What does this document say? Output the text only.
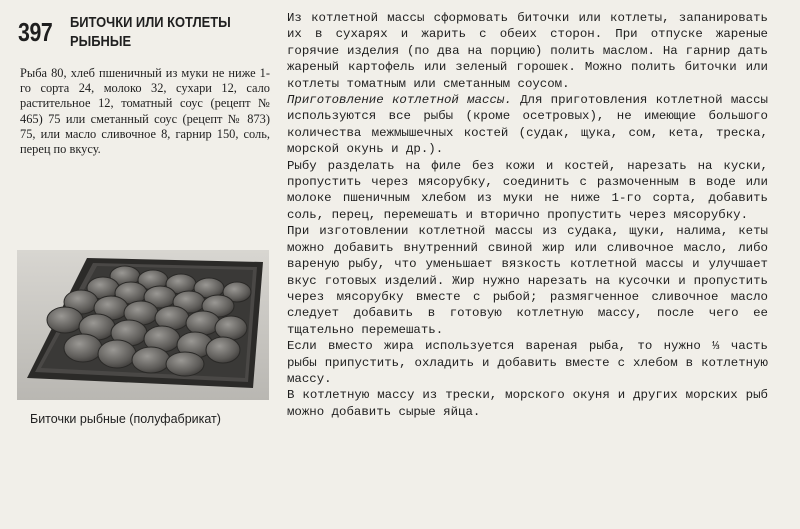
397 БИТОЧКИ ИЛИ КОТЛЕТЫ РЫБНЫЕ

Рыба 80, хлеб пшеничный из муки не ниже 1-го сорта 24, молоко 32, сухари 12, сало растительное 12, томатный соус (рецепт № 465) 75 или сметанный соус (рецепт № 873) 75, или масло сливочное 8, гарнир 150, соль, перец по вкусу.

Биточки рыбные (полуфабрикат)

Из котлетной массы сформовать биточки или котлеты, запанировать их в сухарях и жарить с обеих сторон. При отпуске жареные горячие изделия (по два на порцию) полить маслом. На гарнир дать жареный картофель или зеленый горошек. Можно полить биточки или котлеты томатным или сметанным соусом.

Приготовление котлетной массы. Для приготовления котлетной массы используются все рыбы (кроме осетровых), не имеющие большого количества межмышечных костей (судак, щука, сом, кета, треска, морской окунь и др.).

Рыбу разделать на филе без кожи и костей, нарезать на куски, пропустить через мясорубку, соединить с размоченным в воде или молоке пшеничным хлебом из муки не ниже 1-го сорта, добавить соль, перец, перемешать и вторично пропустить через мясорубку.

При изготовлении котлетной массы из судака, щуки, налима, кеты можно добавить внутренний свиной жир или сливочное масло, либо вареную рыбу, что уменьшает вязкость котлетной массы и улучшает вкус готовых изделий. Жир нужно нарезать на кусочки и пропустить через мясорубку вместе с рыбой; размягченное сливочное масло следует добавить в готовую котлетную массу, после чего ее тщательно перемешать.

Если вместо жира используется вареная рыба, то нужно ⅓ часть рыбы припустить, охладить и добавить вместе с хлебом в котлетную массу.

В котлетную массу из трески, морского окуня и других морских рыб можно добавить сырые яйца.
